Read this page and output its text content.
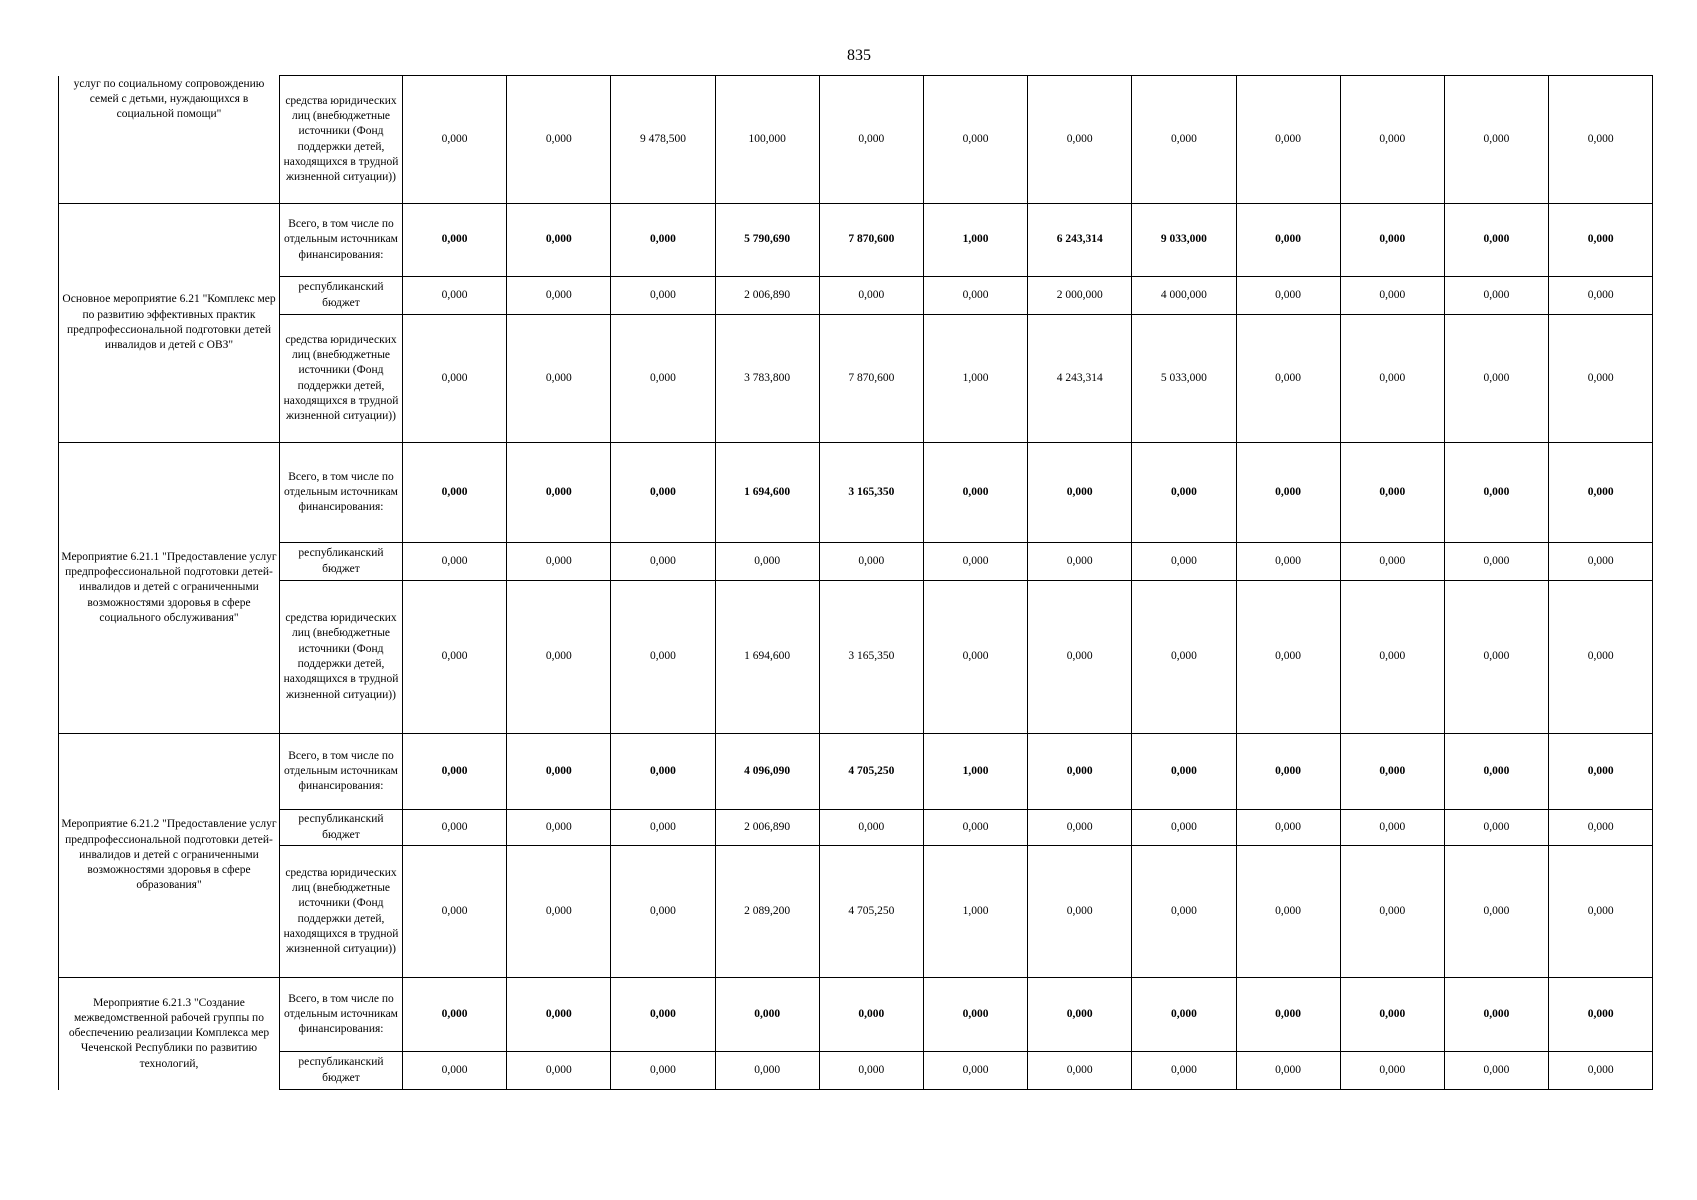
835
услуг по социальному сопровождению семей с детьми, нуждающихся в социальной помощи"	средства юридических лиц (внебюджетные источники (Фонд поддержки детей, находящихся в трудной жизненной ситуации))	0,000	0,000	9 478,500	100,000	0,000	0,000	0,000	0,000	0,000	0,000	0,000	0,000
Основное мероприятие 6.21 "Комплекс мер по развитию эффективных практик предпрофессиональной подготовки детей инвалидов и детей с ОВЗ"	Всего, в том числе по отдельным источникам финансирования:	0,000	0,000	0,000	5 790,690	7 870,600	1,000	6 243,314	9 033,000	0,000	0,000	0,000	0,000
	республиканский бюджет	0,000	0,000	0,000	2 006,890	0,000	0,000	2 000,000	4 000,000	0,000	0,000	0,000	0,000
	средства юридических лиц (внебюджетные источники (Фонд поддержки детей, находящихся в трудной жизненной ситуации))	0,000	0,000	0,000	3 783,800	7 870,600	1,000	4 243,314	5 033,000	0,000	0,000	0,000	0,000
Мероприятие 6.21.1 "Предоставление услуг предпрофессиональной подготовки детей-инвалидов и детей с ограниченными возможностями здоровья в сфере социального обслуживания"	Всего, в том числе по отдельным источникам финансирования:	0,000	0,000	0,000	1 694,600	3 165,350	0,000	0,000	0,000	0,000	0,000	0,000	0,000
	республиканский бюджет	0,000	0,000	0,000	0,000	0,000	0,000	0,000	0,000	0,000	0,000	0,000	0,000
	средства юридических лиц (внебюджетные источники (Фонд поддержки детей, находящихся в трудной жизненной ситуации))	0,000	0,000	0,000	1 694,600	3 165,350	0,000	0,000	0,000	0,000	0,000	0,000	0,000
Мероприятие 6.21.2 "Предоставление услуг предпрофессиональной подготовки детей-инвалидов и детей с ограниченными возможностями здоровья в сфере образования"	Всего, в том числе по отдельным источникам финансирования:	0,000	0,000	0,000	4 096,090	4 705,250	1,000	0,000	0,000	0,000	0,000	0,000	0,000
	республиканский бюджет	0,000	0,000	0,000	2 006,890	0,000	0,000	0,000	0,000	0,000	0,000	0,000	0,000
	средства юридических лиц (внебюджетные источники (Фонд поддержки детей, находящихся в трудной жизненной ситуации))	0,000	0,000	0,000	2 089,200	4 705,250	1,000	0,000	0,000	0,000	0,000	0,000	0,000
Мероприятие 6.21.3 "Создание межведомственной рабочей группы по обеспечению реализации Комплекса мер Чеченской Республики по развитию технологий,	Всего, в том числе по отдельным источникам финансирования:	0,000	0,000	0,000	0,000	0,000	0,000	0,000	0,000	0,000	0,000	0,000	0,000
	республиканский бюджет	0,000	0,000	0,000	0,000	0,000	0,000	0,000	0,000	0,000	0,000	0,000	0,000
